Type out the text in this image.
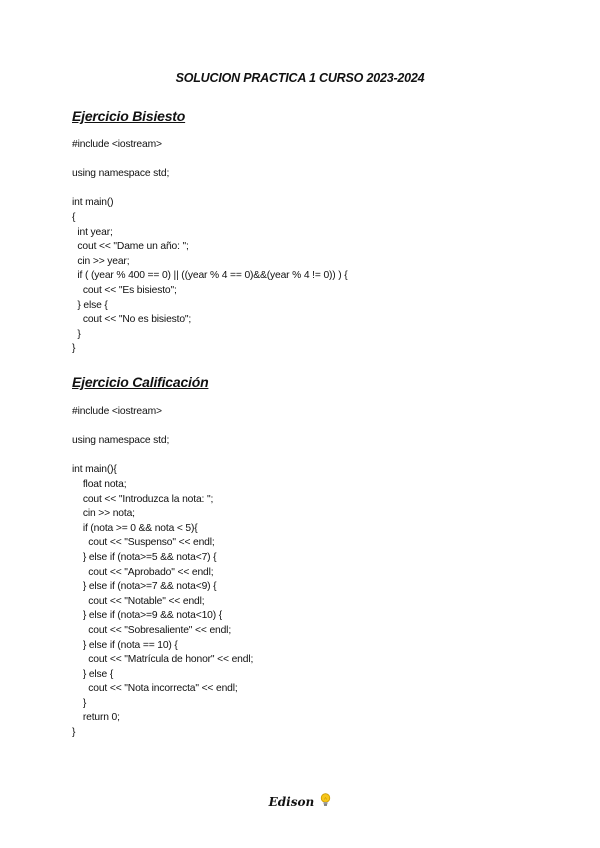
SOLUCION PRACTICA 1 CURSO 2023-2024
Ejercicio Bisiesto
#include <iostream>
using namespace std;
int main()
{
int year;
cout << "Dame un año: ";
cin >> year;
if ( (year % 400 == 0) || ((year % 4 == 0)&&(year % 4 != 0)) ) {
cout << "Es bisiesto";
} else {
cout << "No es bisiesto";
}
}
Ejercicio Calificación
#include <iostream>
using namespace std;
int main(){
float nota;
cout << "Introduzca la nota: ";
cin >> nota;
if (nota >= 0 && nota < 5){
cout << "Suspenso" << endl;
} else if (nota>=5 && nota<7) {
cout << "Aprobado" << endl;
} else if (nota>=7 && nota<9) {
cout << "Notable" << endl;
} else if (nota>=9 && nota<10) {
cout << "Sobresaliente" << endl;
} else if (nota == 10) {
cout << "Matrícula de honor" << endl;
} else {
cout << "Nota incorrecta" << endl;
}
return 0;
}
Edison
